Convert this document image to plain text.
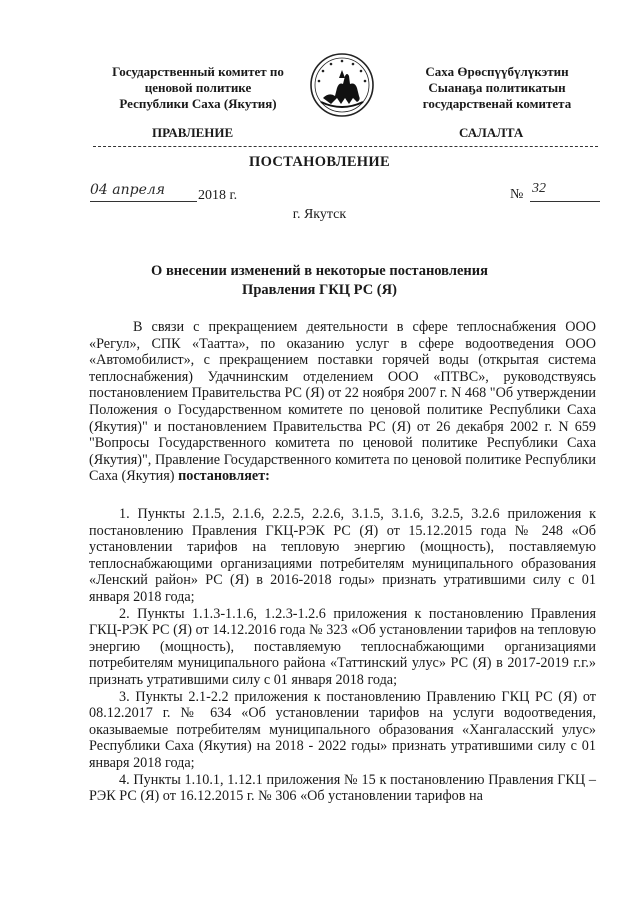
Государственный комитет по
ценовой политике
Республики Саха (Якутия)
Саха Өрөспүүбүлүкэтин
Сыанаҕа политикатын
государственай комитета
ПРАВЛЕНИЕ	САЛАЛТА
ПОСТАНОВЛЕНИЕ
04 апреля 2018 г.	№ 32
г. Якутск
О внесении изменений в некоторые постановления
Правления ГКЦ РС (Я)
В связи с прекращением деятельности в сфере теплоснабжения ООО «Регул», СПК «Таатта», по оказанию услуг в сфере водоотведения ООО «Автомобилист», с прекращением поставки горячей воды (открытая система теплоснабжения) Удачнинским отделением ООО «ПТВС», руководствуясь постановлением Правительства РС (Я) от 22 ноября 2007 г. N 468 "Об утверждении Положения о Государственном комитете по ценовой политике Республики Саха (Якутия)" и постановлением Правительства РС (Я) от 26 декабря 2002 г. N 659 "Вопросы Государственного комитета по ценовой политике Республики Саха (Якутия)", Правление Государственного комитета по ценовой политике Республики Саха (Якутия) постановляет:

1. Пункты 2.1.5, 2.1.6, 2.2.5, 2.2.6, 3.1.5, 3.1.6, 3.2.5, 3.2.6 приложения к постановлению Правления ГКЦ-РЭК РС (Я) от 15.12.2015 года № 248 «Об установлении тарифов на тепловую энергию (мощность), поставляемую теплоснабжающими организациями потребителям муниципального образования «Ленский район» РС (Я) в 2016-2018 годы» признать утратившими силу с 01 января 2018 года;

2. Пункты 1.1.3-1.1.6, 1.2.3-1.2.6 приложения к постановлению Правления ГКЦ-РЭК РС (Я) от 14.12.2016 года № 323 «Об установлении тарифов на тепловую энергию (мощность), поставляемую теплоснабжающими организациями потребителям муниципального района «Таттинский улус» РС (Я) в 2017-2019 г.г.» признать утратившими силу с 01 января 2018 года;

3. Пункты 2.1-2.2 приложения к постановлению Правлению ГКЦ РС (Я) от 08.12.2017 г. № 634 «Об установлении тарифов на услуги водоотведения, оказываемые потребителям муниципального образования «Хангаласский улус» Республики Саха (Якутия) на 2018 - 2022 годы» признать утратившими силу с 01 января 2018 года;

4. Пункты 1.10.1, 1.12.1 приложения № 15 к постановлению Правления ГКЦ – РЭК РС (Я) от 16.12.2015 г. № 306 «Об установлении тарифов на
